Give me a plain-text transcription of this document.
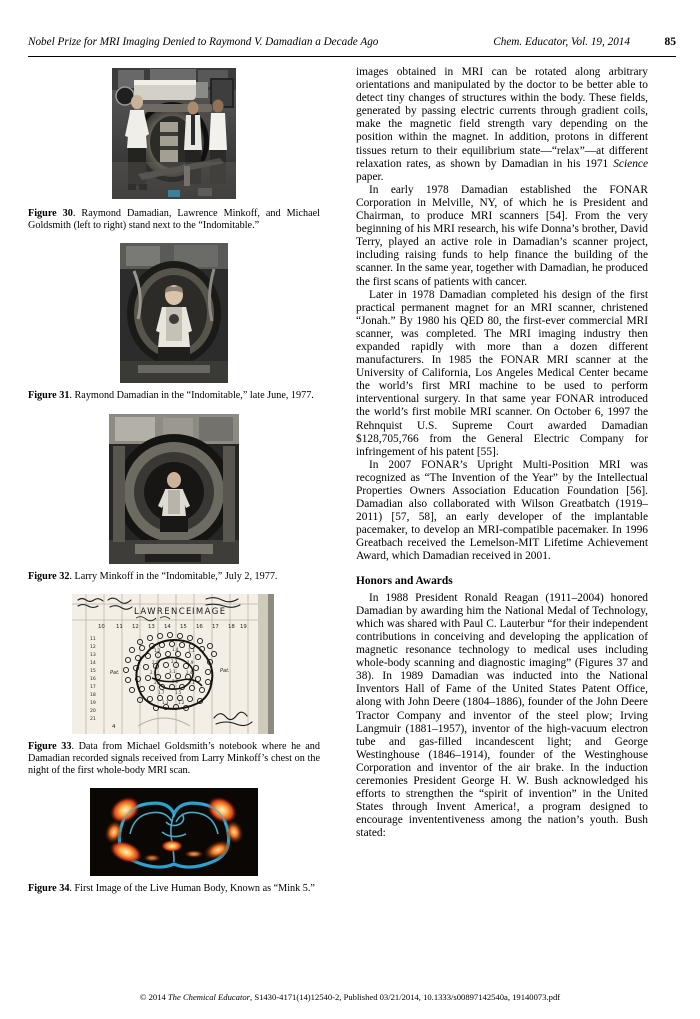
Nobel Prize for MRI Imaging Denied to Raymond V. Damadian a Decade Ago	Chem. Educator, Vol. 19, 2014	85
Figure 30. Raymond Damadian, Lawrence Minkoff, and Michael Goldsmith (left to right) stand next to the “Indomitable.”
Figure 31. Raymond Damadian in the “Indomitable,” late June, 1977.
Figure 32. Larry Minkoff in the “Indomitable,” July 2, 1977.
LAWRENCE IMAGE
10 11 12 13 14 15 16 17 18 19
11
12
13
14
15
16
17
18
19
20
21
1.2	1.4 1.1
2.0	2.3 1.9
2.6	3.1	2.4
2.2	2.8 2.1
1.7	1.5
1.3 1.2
Pat.	Pat.
4
Figure 33. Data from Michael Goldsmith’s notebook where he and Damadian recorded signals received from Larry Minkoff’s chest on the night of the first whole-body MRI scan.
Figure 34. First Image of the Live Human Body, Known as “Mink 5.”

images obtained in MRI can be rotated along arbitrary orientations and manipulated by the doctor to be better able to detect tiny changes of structures within the body. These fields, generated by passing electric currents through gradient coils, make the magnetic field strength vary depending on the position within the magnet. In addition, protons in different tissues return to their equilibrium state—“relax”—at different relaxation rates, as shown by Damadian in his 1971 Science paper.

In early 1978 Damadian established the FONAR Corporation in Melville, NY, of which he is President and Chairman, to produce MRI scanners [54]. From the very beginning of his MRI research, his wife Donna’s brother, David Terry, played an active role in Damadian’s scanner project, including raising funds to help finance the building of the scanner. In the same year, together with Damadian, he produced the first scans of patients with cancer.

Later in 1978 Damadian completed his design of the first practical permanent magnet for an MRI scanner, christened “Jonah.” By 1980 his QED 80, the first-ever commercial MRI scanner, was completed. The MRI imaging industry then expanded rapidly with more than a dozen different manufacturers. In 1985 the FONAR MRI scanner at the University of California, Los Angeles Medical Center became the world’s first MRI machine to be used to perform interventional surgery. In that same year FONAR introduced the world’s first mobile MRI scanner. On October 6, 1997 the Rehnquist U.S. Supreme Court awarded Damadian $128,705,766 from the General Electric Company for infringement of his patent [55].

In 2007 FONAR’s Upright Multi-Position MRI was recognized as “The Invention of the Year” by the Intellectual Properties Owners Association Education Foundation [56]. Damadian also collaborated with Wilson Greatbatch (1919–2011) [57, 58], an early developer of the implantable pacemaker, to develop an MRI-compatible pacemaker. In 1996 Greatbach received the Lemelson-MIT Lifetime Achievement Award, which Damadian received in 2001.

Honors and Awards

In 1988 President Ronald Reagan (1911–2004) honored Damadian by awarding him the National Medal of Technology, which was shared with Paul C. Lauterbur “for their independent contributions in conceiving and developing the application of magnetic resonance technology to medical uses including whole-body scanning and diagnostic imaging” (Figures 37 and 38). In 1989 Damadian was inducted into the National Inventors Hall of Fame of the United States Patent Office, along with John Deere (1804–1886), founder of the John Deere Tractor Company and inventor of the steel plow; Irving Langmuir (1881–1957), inventor of the high-vacuum electron tube and gas-filled incandescent light; and George Westinghouse (1846–1914), founder of the Westinghouse Corporation and inventor of the air brake. In the induction ceremonies President George H. W. Bush acknowledged his efforts to strengthen the “spirit of invention” in the United States through Invent America!, a program designed to encourage invententiveness among the nation’s youth. Bush stated:

© 2014 The Chemical Educator, S1430-4171(14)12540-2, Published 03/21/2014, 10.1333/s00897142540a, 19140073.pdf
